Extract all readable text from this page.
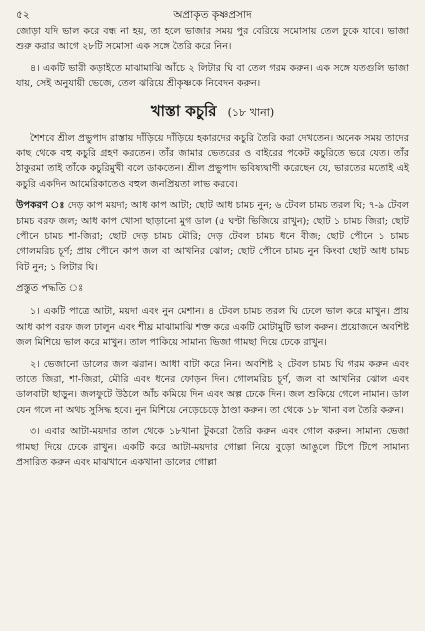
৫২	অপ্রাকৃত কৃষ্ণপ্রসাদ

জোড়া যদি ভাল করে বন্ধ না হয়, তা হলে ভাজার সময় পুর বেরিয়ে সমোসায় তেল ঢুকে যাবে। ভাজা শুরু করার আগে ২৮টি সমোসা এক সঙ্গে তৈরি করে নিন।

৪। একটি ভারী কড়াইতে মাঝামাঝি আঁচে ২ লিটার ঘি বা তেল গরম করুন। এক সঙ্গে যতগুলি ভাজা যায়, সেই অনুযায়ী ভেজে, তেল ঝরিয়ে শ্রীকৃষ্ণকে নিবেদন করুন।

খাস্তা কচুরি (১৮ খানা)

শৈশবে শ্রীল প্রভুপাদ রাস্তায় দাঁড়িয়ে দাঁড়িয়ে হকারদের কচুরি তৈরি করা দেখতেন। অনেক সময় তাদের কাছ থেকে বহু কচুরি গ্রহণ করতেন। তাঁর জামার ভেতরের ও বাইরের পকেট কচুরিতে ভরে যেত। তাঁর ঠাকুরমা তাই তাঁকে কচুরিমুখী বলে ডাকতেন। শ্রীল প্রভুপাদ ভবিষ্যদ্বাণী করেছেন যে, ভারতের মতোই এই কচুরি একদিন আমেরিকাতেও বহুল জনপ্রিয়তা লাভ করবে।

উপকরণ ঃ দেড় কাপ ময়দা; আধ কাপ আটা; ছোট আধ চামচ নুন; ৬ টেবল চামচ তরল ঘি; ৭-৯ টেবল চামচ বরফ জল; আধ কাপ খোসা ছাড়ানো মুগ ডাল (৫ ঘণ্টা ভিজিয়ে রাখুন); ছোট ১ চামচ জিরা; ছোট পৌনে চামচ শা-জিরা; ছোট দেড় চামচ মৌরি; দেড় টেবল চামচ ধনে বীজ; ছোট পৌনে ১ চামচ গোলমরিচ চূর্ণ; প্রায় পৌনে কাপ জল বা আখনির ঝোল; ছোট পৌনে চামচ নুন কিংবা ছোট আধ চামচ বিট নুন; ১ লিটার ঘি।

প্রস্তুত পদ্ধতি ঃ

১। একটি পাত্রে আটা, ময়দা এবং নুন মেশান। ৪ টেবল চামচ তরল ঘি ঢেলে ভাল করে মাখুন। প্রায় আধ কাপ বরফ জল ঢালুন এবং শীঘ্র মাঝামাঝি শক্ত করে একটি মোটামুটি ভাল করুন। প্রয়োজনে অবশিষ্ট জল মিশিয়ে ভাল করে মাখুন। তাল পাকিয়ে সামান্য ভিজা গামছা দিয়ে ঢেকে রাখুন।

২। ভেজানো ডালের জল ঝরান। আধা বাটা করে নিন। অবশিষ্ট ২ টেবল চামচ ঘি গরম করুন এবং তাতে জিরা, শা-জিরা, মৌরি এবং ধনের ফোড়ন দিন। গোলমরিচ চূর্ণ, জল বা আখনির ঝোল এবং ডালবাটা ছাড়ুন। জলফুটে উঠলে আঁচ কমিয়ে দিন এবং অল্প ঢেকে দিন। জল শুকিয়ে গেলে নামান। ডাল যেন গলে না অথচ সুসিদ্ধ হবে। নুন মিশিয়ে নেড়েচেড়ে ঠাণ্ডা করুন। তা থেকে ১৮ খানা বল তৈরি করুন।

৩। এবার আটা-ময়দার তাল থেকে ১৮খানা টুকরো তৈরি করুন এবং গোল করুন। সামান্য ভেজা গামছা দিয়ে ঢেকে রাখুন। একটি করে আটা-ময়দার গোল্লা নিয়ে বুড়ো আঙুলে টিপে টিপে সামান্য প্রসারিত করুন এবং মাঝখানে একখানা ডালের গোল্লা
